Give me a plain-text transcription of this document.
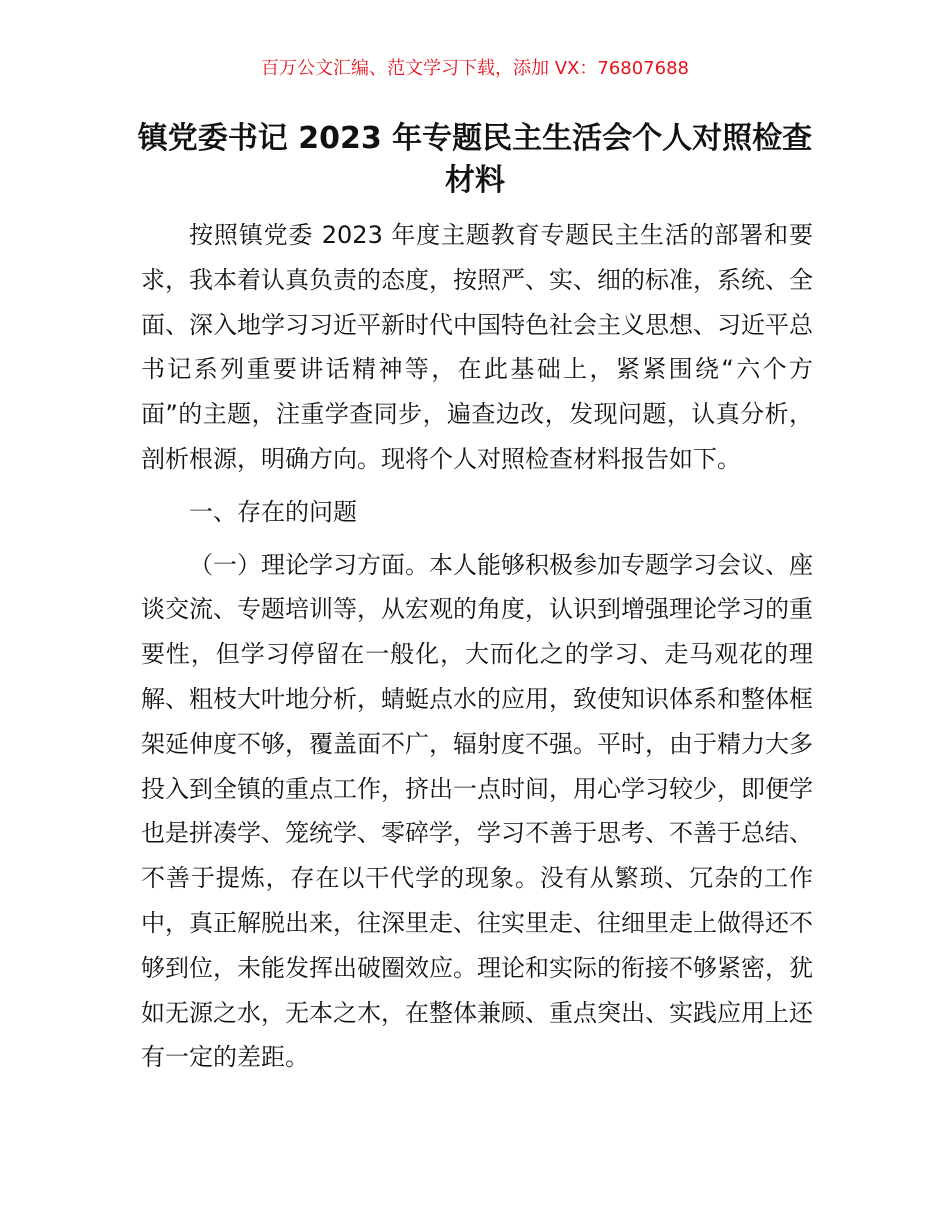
百万公文汇编、范文学习下载，添加 VX：76807688
镇党委书记 2023 年专题民主生活会个人对照检查材料

按照镇党委 2023 年度主题教育专题民主生活的部署和要求，我本着认真负责的态度，按照严、实、细的标准，系统、全面、深入地学习习近平新时代中国特色社会主义思想、习近平总书记系列重要讲话精神等，在此基础上，紧紧围绕“六个方面”的主题，注重学查同步，遍查边改，发现问题，认真分析，剖析根源，明确方向。现将个人对照检查材料报告如下。

一、存在的问题

（一）理论学习方面。本人能够积极参加专题学习会议、座谈交流、专题培训等，从宏观的角度，认识到增强理论学习的重要性，但学习停留在一般化，大而化之的学习、走马观花的理解、粗枝大叶地分析，蜻蜓点水的应用，致使知识体系和整体框架延伸度不够，覆盖面不广，辐射度不强。平时，由于精力大多投入到全镇的重点工作，挤出一点时间，用心学习较少，即便学也是拼凑学、笼统学、零碎学，学习不善于思考、不善于总结、不善于提炼，存在以干代学的现象。没有从繁琐、冗杂的工作中，真正解脱出来，往深里走、往实里走、往细里走上做得还不够到位，未能发挥出破圈效应。理论和实际的衔接不够紧密，犹如无源之水，无本之木，在整体兼顾、重点突出、实践应用上还有一定的差距。
